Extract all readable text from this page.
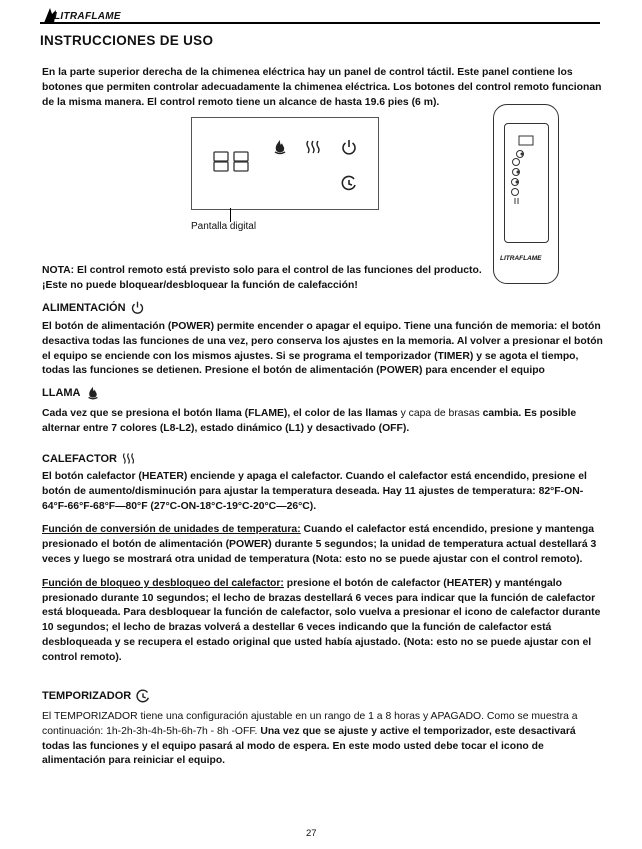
LITRAFLAME
INSTRUCCIONES DE USO

En la parte superior derecha de la chimenea eléctrica hay un panel de control táctil. Este panel contiene los botones que permiten controlar adecuadamente la chimenea eléctrica. Los botones del control remoto funcionan de la misma manera. El control remoto tiene un alcance de hasta 19.6 pies (6 m).

Pantalla digital
LITRAFLAME

NOTA: El control remoto está previsto solo para el control de las funciones del producto.

¡Este no puede bloquear/desbloquear la función de calefacción!

ALIMENTACIÓN

El botón de alimentación (POWER) permite encender o apagar el equipo. Tiene una función de memoria: el botón desactiva todas las funciones de una vez, pero conserva los ajustes en la memoria. Al volver a presionar el botón el equipo se enciende con los mismos ajustes. Si se programa el temporizador (TIMER) y se agota el tiempo, todas las funciones se detienen. Presione el botón de alimentación (POWER) para encender el equipo

LLAMA

Cada vez que se presiona el botón llama (FLAME), el color de las llamas y capa de brasas cambia. Es posible alternar entre 7 colores (L8-L2), estado dinámico (L1) y desactivado (OFF).

CALEFACTOR

El botón calefactor (HEATER) enciende y apaga el calefactor. Cuando el calefactor está encendido, presione el botón de aumento/disminución para ajustar la temperatura deseada. Hay 11 ajustes de temperatura: 82°F-ON-64°F-66°F-68°F—80°F (27°C-ON-18°C-19°C-20°C—26°C).

Función de conversión de unidades de temperatura: Cuando el calefactor está encendido, presione y mantenga presionado el botón de alimentación (POWER) durante 5 segundos; la unidad de temperatura actual destellará 3 veces y luego se mostrará otra unidad de temperatura (Nota: esto no se puede ajustar con el control remoto).

Función de bloqueo y desbloqueo del calefactor: presione el botón de calefactor (HEATER) y manténgalo presionado durante 10 segundos; el lecho de brazas destellará 6 veces para indicar que la función de calefactor está bloqueada. Para desbloquear la función de calefactor, solo vuelva a presionar el icono de calefactor durante 10 segundos; el lecho de brazas volverá a destellar 6 veces indicando que la función de calefactor está desbloqueada y se recupera el estado original que usted había ajustado. (Nota: esto no se puede ajustar con el control remoto).

TEMPORIZADOR

El TEMPORIZADOR tiene una configuración ajustable en un rango de 1 a 8 horas y APAGADO. Como se muestra a continuación: 1h-2h-3h-4h-5h-6h-7h - 8h -OFF. Una vez que se ajuste y active el temporizador, este desactivará todas las funciones y el equipo pasará al modo de espera. En este modo usted debe tocar el icono de alimentación para reiniciar el equipo.

27
